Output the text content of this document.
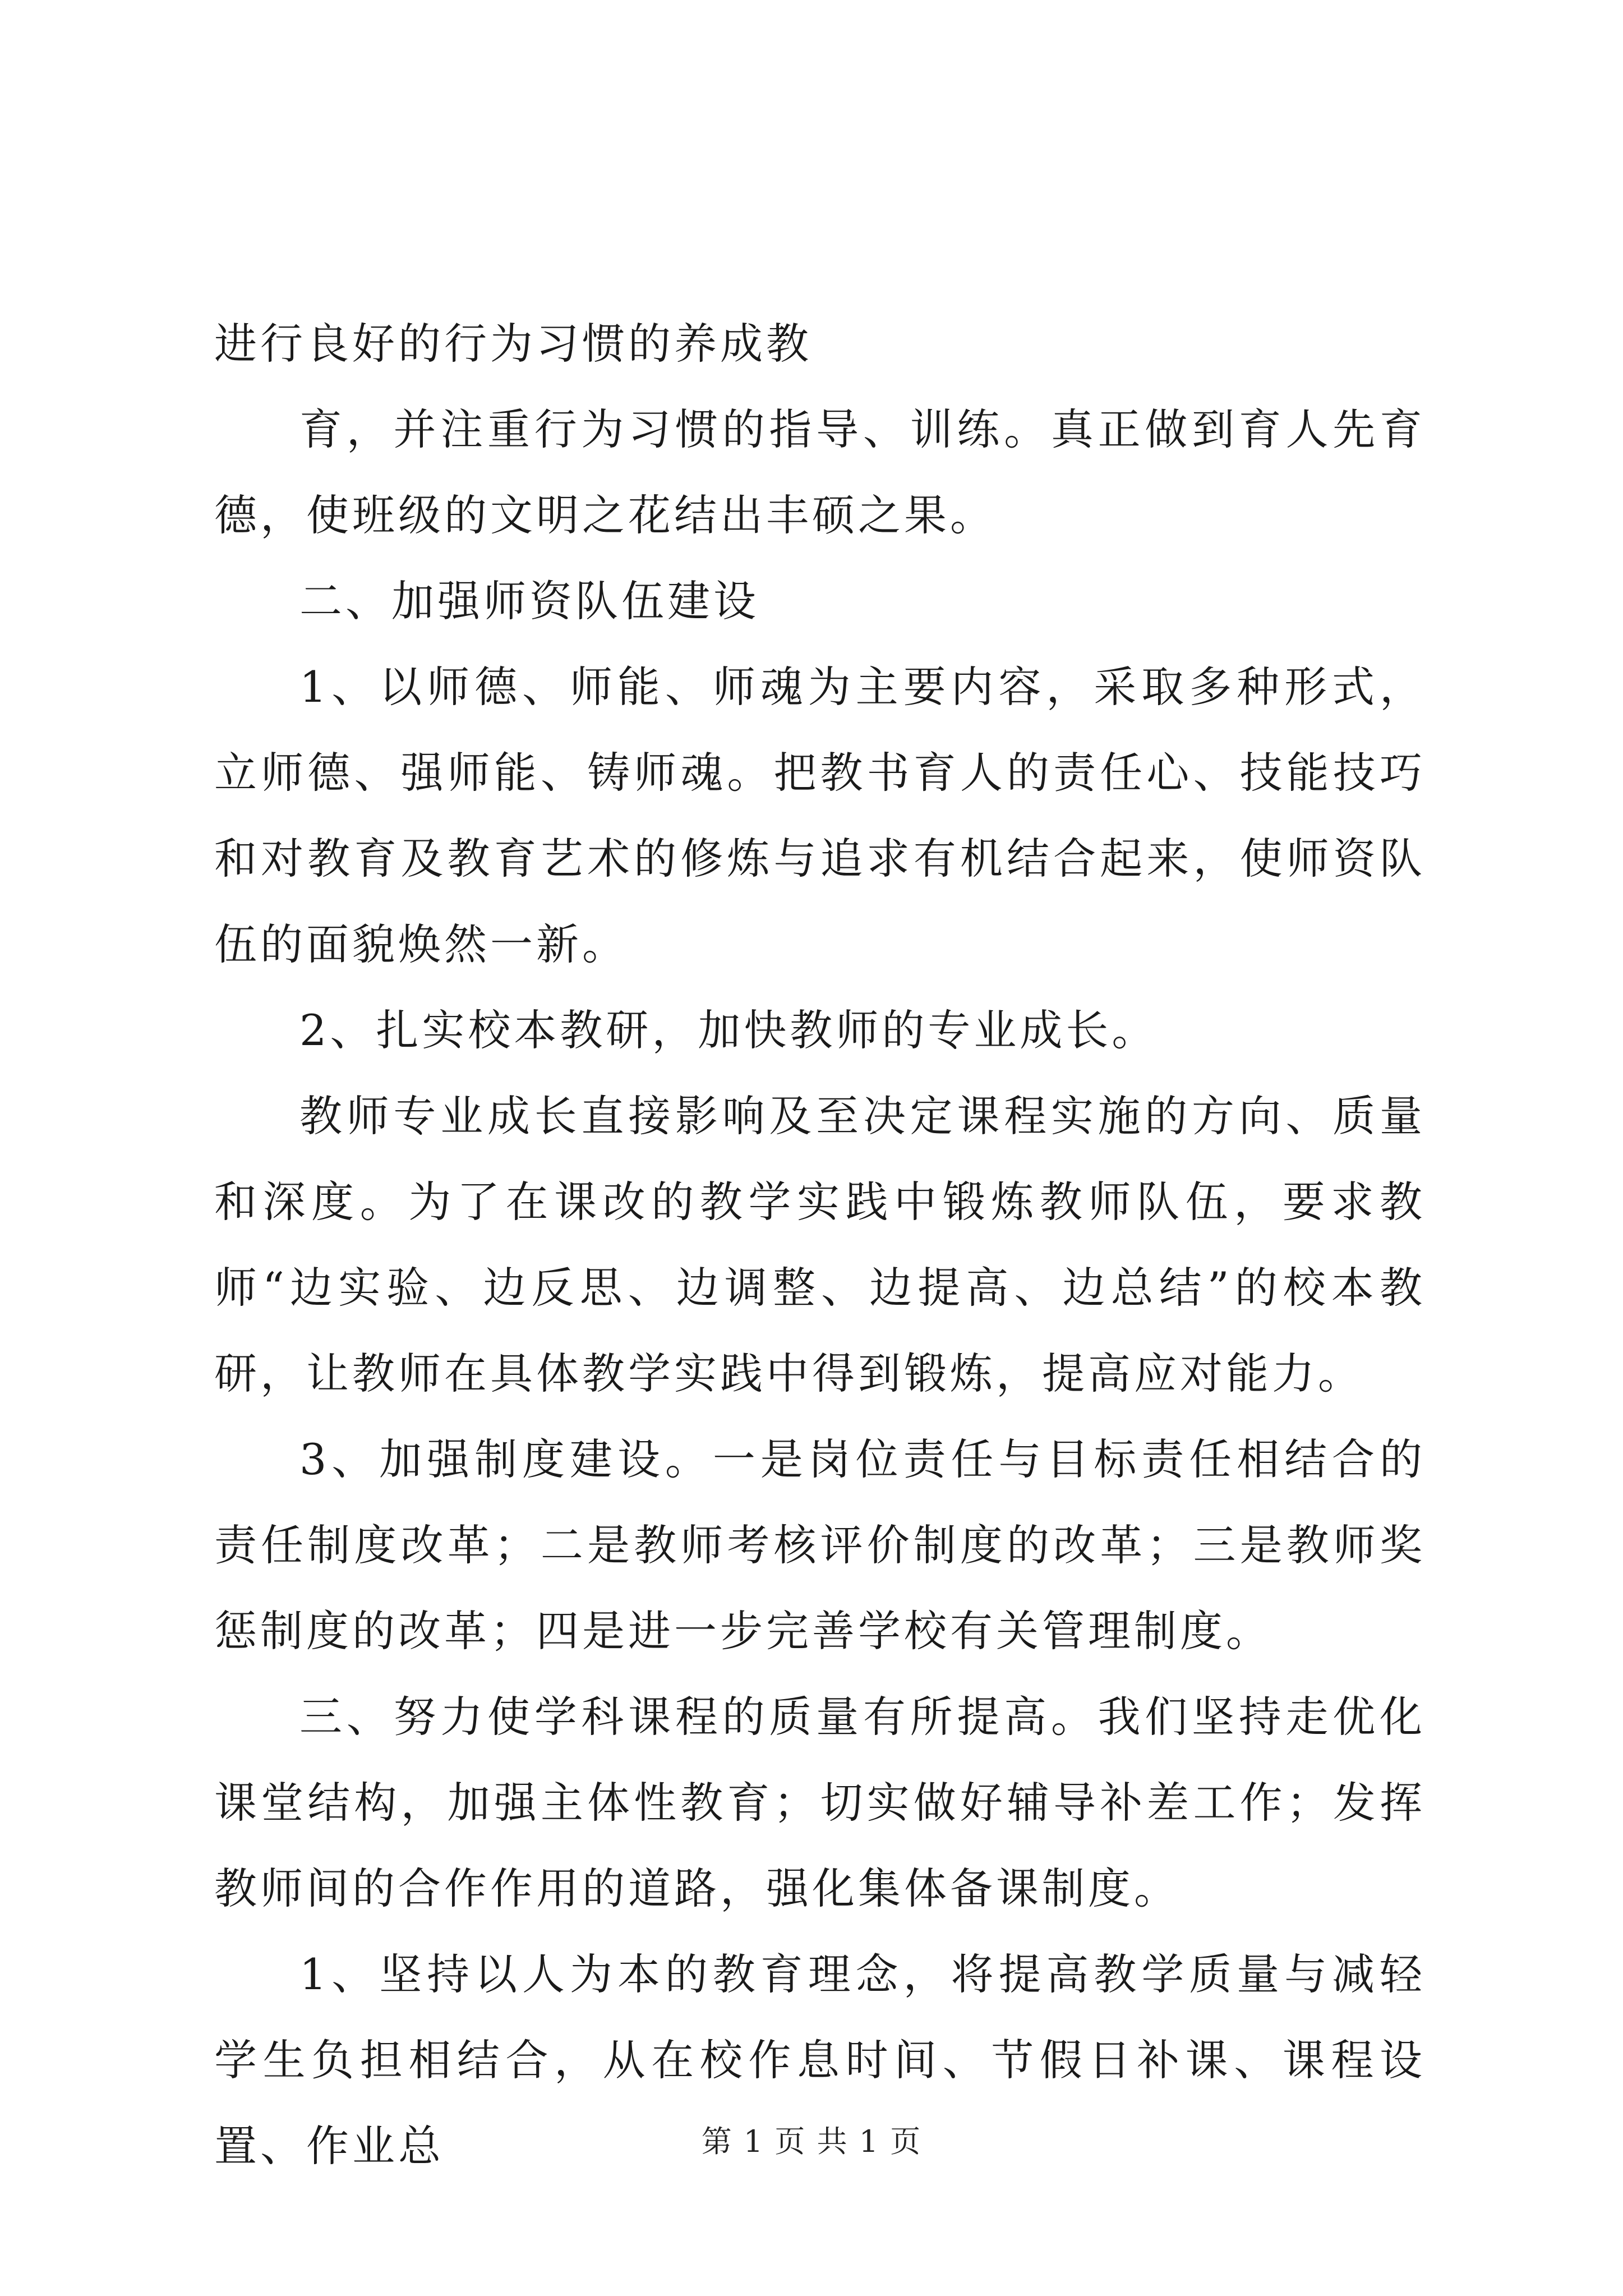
进行良好的行为习惯的养成教

育，并注重行为习惯的指导、训练。真正做到育人先育德，使班级的文明之花结出丰硕之果。

二、加强师资队伍建设

1、以师德、师能、师魂为主要内容，采取多种形式，立师德、强师能、铸师魂。把教书育人的责任心、技能技巧和对教育及教育艺术的修炼与追求有机结合起来，使师资队伍的面貌焕然一新。

2、扎实校本教研，加快教师的专业成长。

教师专业成长直接影响及至决定课程实施的方向、质量和深度。为了在课改的教学实践中锻炼教师队伍，要求教师“边实验、边反思、边调整、边提高、边总结”的校本教研，让教师在具体教学实践中得到锻炼，提高应对能力。

3、加强制度建设。一是岗位责任与目标责任相结合的责任制度改革；二是教师考核评价制度的改革；三是教师奖惩制度的改革；四是进一步完善学校有关管理制度。

三、努力使学科课程的质量有所提高。我们坚持走优化课堂结构，加强主体性教育；切实做好辅导补差工作；发挥教师间的合作作用的道路，强化集体备课制度。

1、坚持以人为本的教育理念，将提高教学质量与减轻学生负担相结合，从在校作息时间、节假日补课、课程设置、作业总	第 1 页 共 1 页
